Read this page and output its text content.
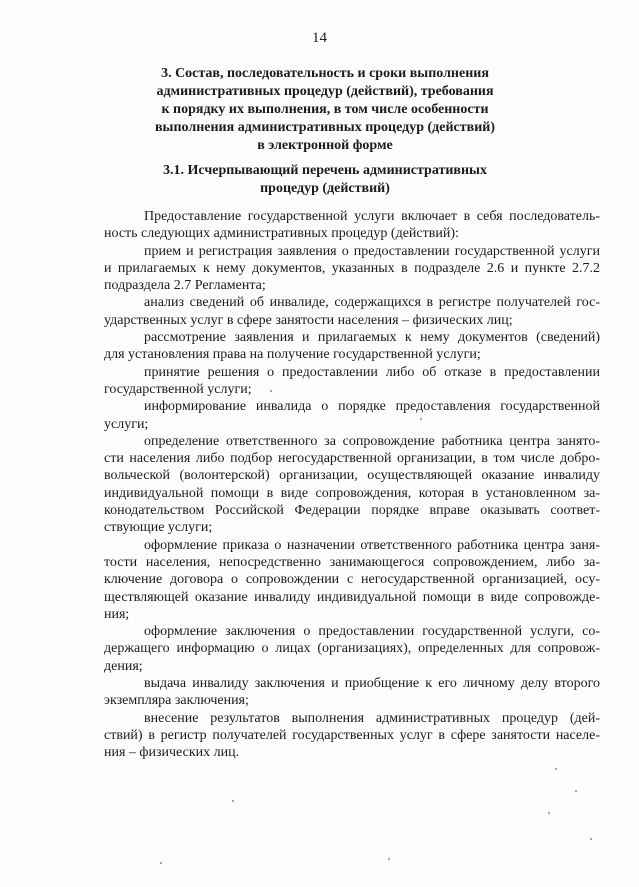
14
3. Состав, последовательность и сроки выполнения
административных процедур (действий), требования
к порядку их выполнения, в том числе особенности
выполнения административных процедур (действий)
в электронной форме
3.1. Исчерпывающий перечень административных
процедур (действий)
Предоставление государственной услуги включает в себя последователь-
ность следующих административных процедур (действий):
прием и регистрация заявления о предоставлении государственной услуги
и прилагаемых к нему документов, указанных в подразделе 2.6 и пункте 2.7.2
подраздела 2.7 Регламента;
анализ сведений об инвалиде, содержащихся в регистре получателей гос-
ударственных услуг в сфере занятости населения – физических лиц;
рассмотрение заявления и прилагаемых к нему документов (сведений)
для установления права на получение государственной услуги;
принятие решения о предоставлении либо об отказе в предоставлении
государственной услуги;
информирование инвалида о порядке предоставления государственной
услуги;
определение ответственного за сопровождение работника центра занято-
сти населения либо подбор негосударственной организации, в том числе добро-
вольческой (волонтерской) организации, осуществляющей оказание инвалиду
индивидуальной помощи в виде сопровождения, которая в установленном за-
конодательством Российской Федерации порядке вправе оказывать соответ-
ствующие услуги;
оформление приказа о назначении ответственного работника центра заня-
тости населения, непосредственно занимающегося сопровождением, либо за-
ключение договора о сопровождении с негосударственной организацией, осу-
ществляющей оказание инвалиду индивидуальной помощи в виде сопровожде-
ния;
оформление заключения о предоставлении государственной услуги, со-
держащего информацию о лицах (организациях), определенных для сопровож-
дения;
выдача инвалиду заключения и приобщение к его личному делу второго
экземпляра заключения;
внесение результатов выполнения административных процедур (дей-
ствий) в регистр получателей государственных услуг в сфере занятости населе-
ния – физических лиц.
